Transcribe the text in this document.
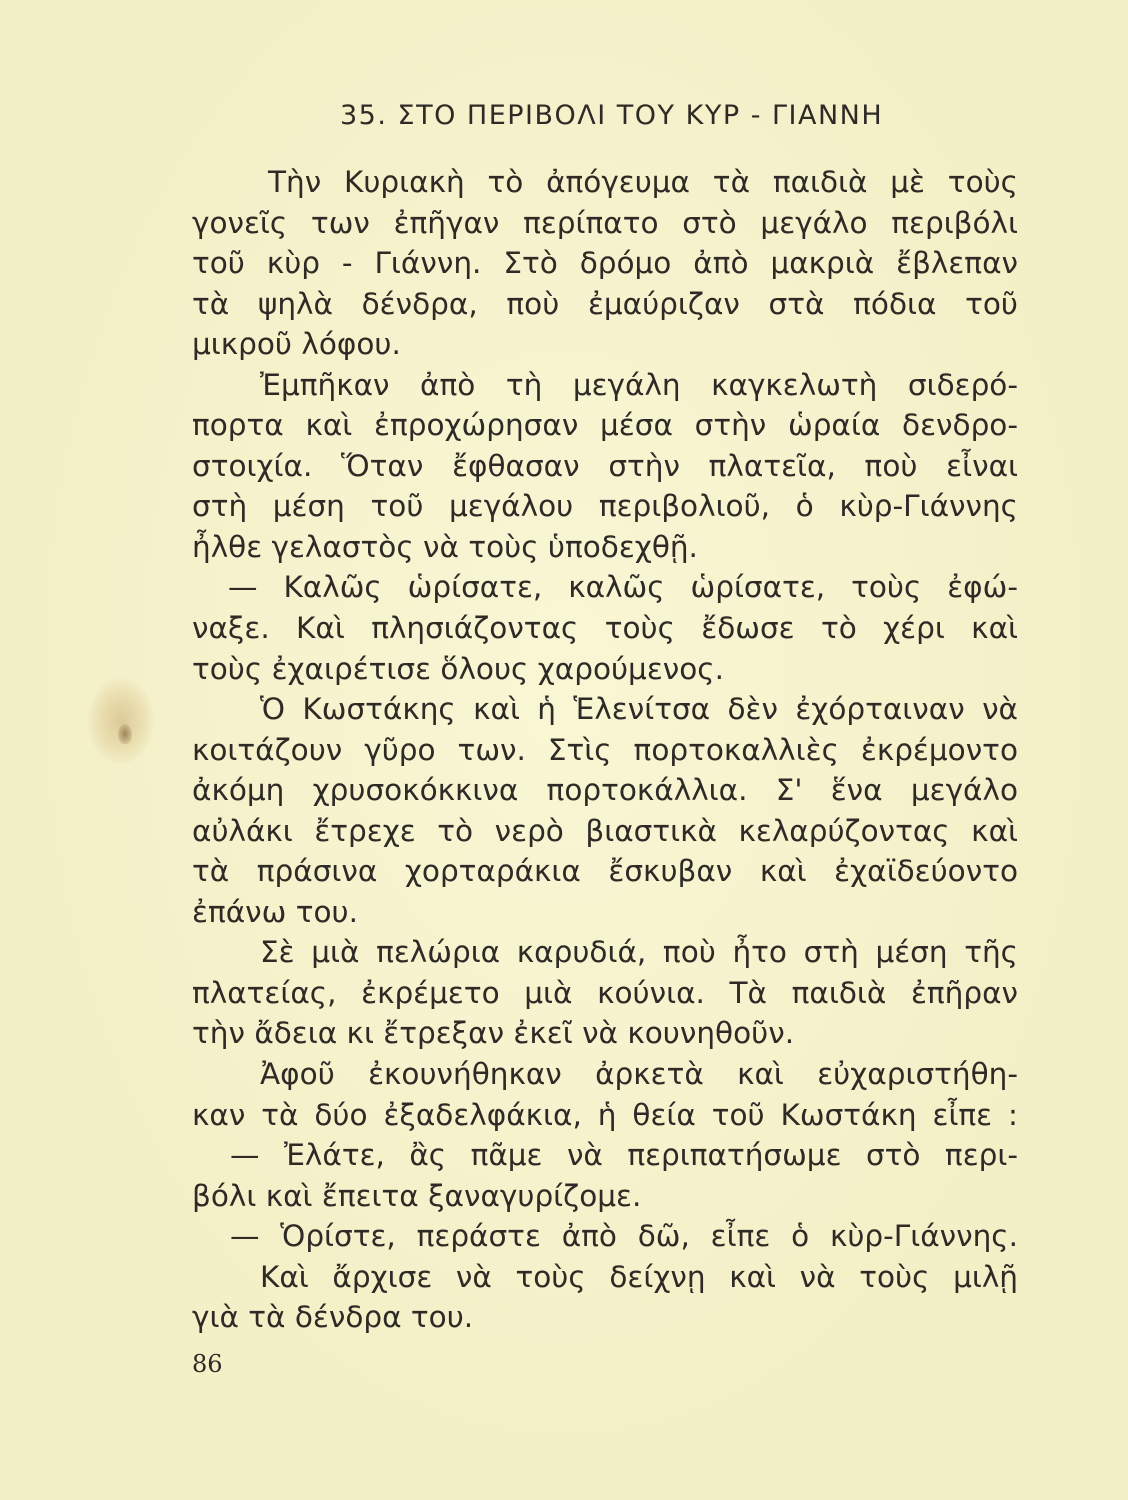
35. ΣΤΟ ΠΕΡΙΒΟΛΙ ΤΟΥ ΚΥΡ - ΓΙΑΝΝΗ
Τὴν Κυριακὴ τὸ ἀπόγευμα τὰ παιδιὰ μὲ τοὺς
γονεῖς των ἐπῆγαν περίπατο στὸ μεγάλο περιβόλι
τοῦ κὺρ - Γιάννη. Στὸ δρόμο ἀπὸ μακριὰ ἔβλεπαν
τὰ ψηλὰ δένδρα, ποὺ ἐμαύριζαν στὰ πόδια τοῦ
μικροῦ λόφου.
Ἐμπῆκαν ἀπὸ τὴ μεγάλη καγκελωτὴ σιδερό-
πορτα καὶ ἐπροχώρησαν μέσα στὴν ὡραία δενδρο-
στοιχία. Ὅταν ἔφθασαν στὴν πλατεῖα, ποὺ εἶναι
στὴ μέση τοῦ μεγάλου περιβολιοῦ, ὁ κὺρ-Γιάννης
ἦλθε γελαστὸς νὰ τοὺς ὑποδεχθῇ.
— Καλῶς ὡρίσατε, καλῶς ὡρίσατε, τοὺς ἐφώ-
ναξε. Καὶ πλησιάζοντας τοὺς ἔδωσε τὸ χέρι καὶ
τοὺς ἐχαιρέτισε ὅλους χαρούμενος.
Ὁ Κωστάκης καὶ ἡ Ἑλενίτσα δὲν ἐχόρταιναν νὰ
κοιτάζουν γῦρο των. Στὶς πορτοκαλλιὲς ἐκρέμοντο
ἀκόμη χρυσοκόκκινα πορτοκάλλια. Σ' ἕνα μεγάλο
αὐλάκι ἔτρεχε τὸ νερὸ βιαστικὰ κελαρύζοντας καὶ
τὰ πράσινα χορταράκια ἔσκυβαν καὶ ἐχαϊδεύοντο
ἐπάνω του.
Σὲ μιὰ πελώρια καρυδιά, ποὺ ἦτο στὴ μέση τῆς
πλατείας, ἐκρέμετο μιὰ κούνια. Τὰ παιδιὰ ἐπῆραν
τὴν ἄδεια κι ἔτρεξαν ἐκεῖ νὰ κουνηθοῦν.
Ἀφοῦ ἐκουνήθηκαν ἀρκετὰ καὶ εὐχαριστήθη-
καν τὰ δύο ἐξαδελφάκια, ἡ θεία τοῦ Κωστάκη εἶπε :
— Ἐλάτε, ἂς πᾶμε νὰ περιπατήσωμε στὸ περι-
βόλι καὶ ἔπειτα ξαναγυρίζομε.
— Ὁρίστε, περάστε ἀπὸ δῶ, εἶπε ὁ κὺρ-Γιάννης.
Καὶ ἄρχισε νὰ τοὺς δείχνῃ καὶ νὰ τοὺς μιλῇ
γιὰ τὰ δένδρα του.

86
